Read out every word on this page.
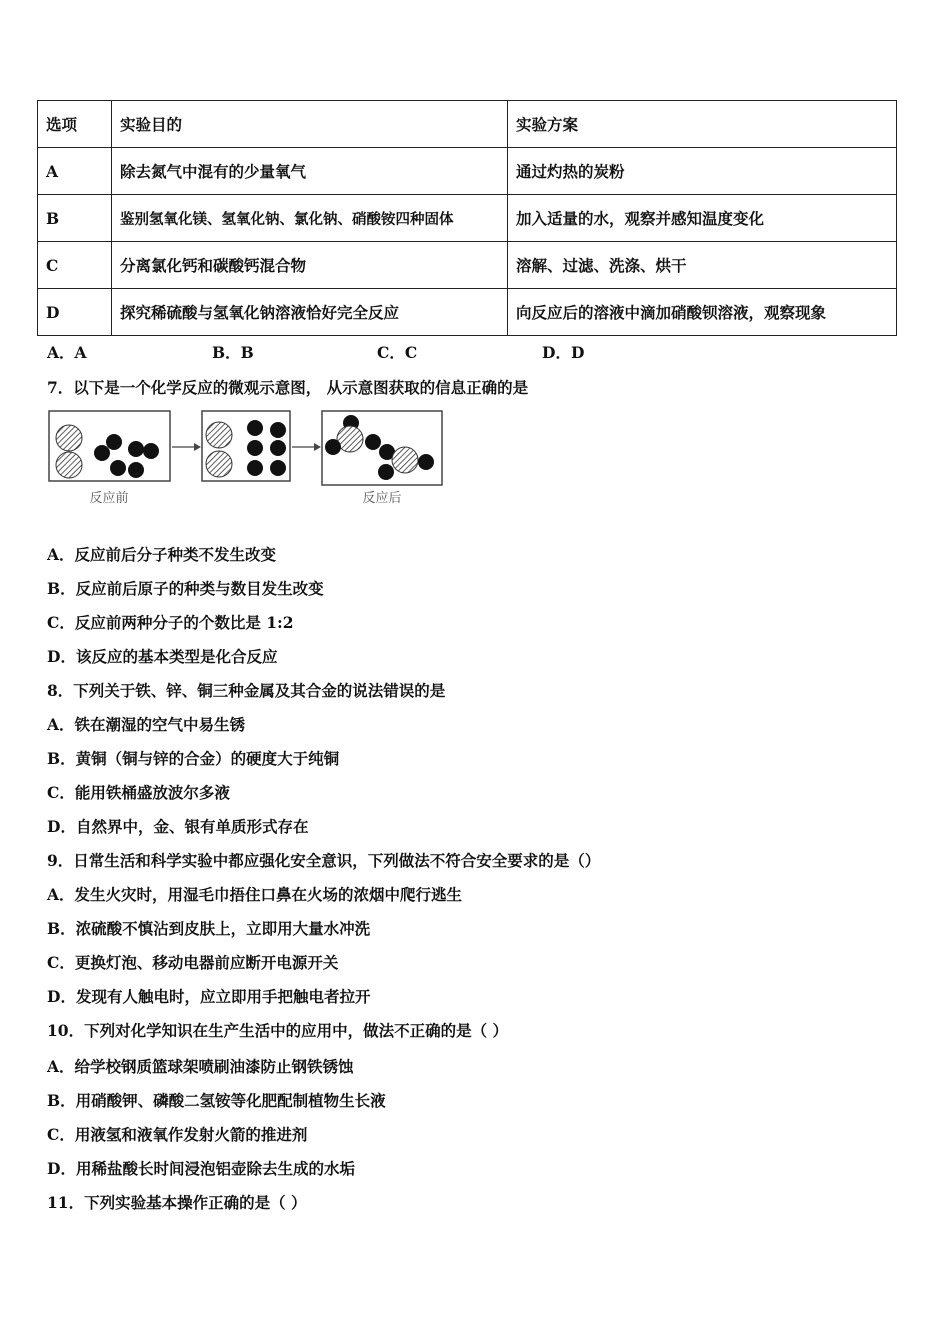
选项	实验目的	实验方案
A	除去氮气中混有的少量氧气	通过灼热的炭粉
B	鉴别氢氧化镁、氢氧化钠、氯化钠、硝酸铵四种固体	加入适量的水，观察并感知温度变化
C	分离氯化钙和碳酸钙混合物	溶解、过滤、洗涤、烘干
D	探究稀硫酸与氢氧化钠溶液恰好完全反应	向反应后的溶液中滴加硝酸钡溶液，观察现象
A．A	B．B	C．C	D．D
7．以下是一个化学反应的微观示意图， 从示意图获取的信息正确的是
反应前	反应后
A．反应前后分子种类不发生改变
B．反应前后原子的种类与数目发生改变
C．反应前两种分子的个数比是 1:2
D．该反应的基本类型是化合反应
8．下列关于铁、锌、铜三种金属及其合金的说法错误的是
A．铁在潮湿的空气中易生锈
B．黄铜（铜与锌的合金）的硬度大于纯铜
C．能用铁桶盛放波尔多液
D．自然界中，金、银有单质形式存在
9．日常生活和科学实验中都应强化安全意识，下列做法不符合安全要求的是（）
A．发生火灾时，用湿毛巾捂住口鼻在火场的浓烟中爬行逃生
B．浓硫酸不慎沾到皮肤上，立即用大量水冲洗
C．更换灯泡、移动电器前应断开电源开关
D．发现有人触电时，应立即用手把触电者拉开
10．下列对化学知识在生产生活中的应用中，做法不正确的是（ ）
A．给学校钢质篮球架喷刷油漆防止钢铁锈蚀
B．用硝酸钾、磷酸二氢铵等化肥配制植物生长液
C．用液氢和液氧作发射火箭的推进剂
D．用稀盐酸长时间浸泡铝壶除去生成的水垢
11．下列实验基本操作正确的是（ ）
